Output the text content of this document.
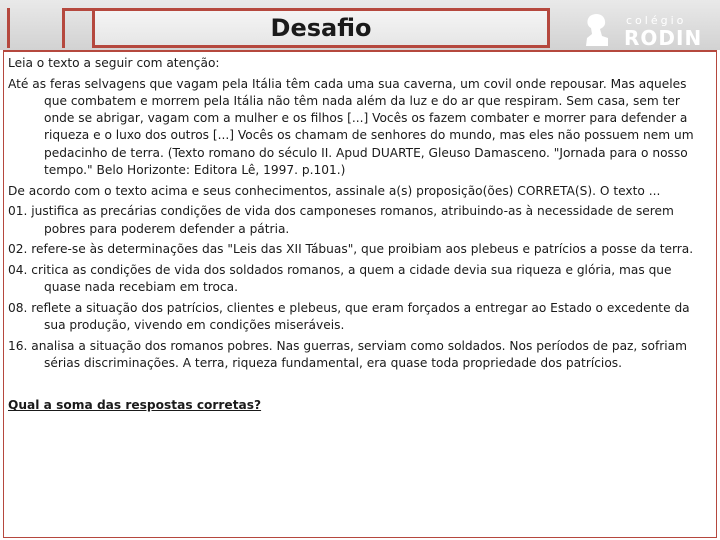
Desafio	colégio
RODIN

Leia o texto a seguir com atenção:

Até as feras selvagens que vagam pela Itália têm cada uma sua caverna, um covil onde repousar. Mas aqueles que combatem e morrem pela Itália não têm nada além da luz e do ar que respiram. Sem casa, sem ter onde se abrigar, vagam com a mulher e os filhos [...] Vocês os fazem combater e morrer para defender a riqueza e o luxo dos outros [...] Vocês os chamam de senhores do mundo, mas eles não possuem nem um pedacinho de terra. (Texto romano do século II. Apud DUARTE, Gleuso Damasceno. "Jornada para o nosso tempo." Belo Horizonte: Editora Lê, 1997. p.101.)

De acordo com o texto acima e seus conhecimentos, assinale a(s) proposição(ões) CORRETA(S). O texto ...

01. justifica as precárias condições de vida dos camponeses romanos, atribuindo-as à necessidade de serem pobres para poderem defender a pátria.

02. refere-se às determinações das "Leis das XII Tábuas", que proibiam aos plebeus e patrícios a posse da terra.

04. critica as condições de vida dos soldados romanos, a quem a cidade devia sua riqueza e glória, mas que quase nada recebiam em troca.

08. reflete a situação dos patrícios, clientes e plebeus, que eram forçados a entregar ao Estado o excedente da sua produção, vivendo em condições miseráveis.

16. analisa a situação dos romanos pobres. Nas guerras, serviam como soldados. Nos períodos de paz, sofriam sérias discriminações. A terra, riqueza fundamental, era quase toda propriedade dos patrícios.

Qual a soma das respostas corretas?
